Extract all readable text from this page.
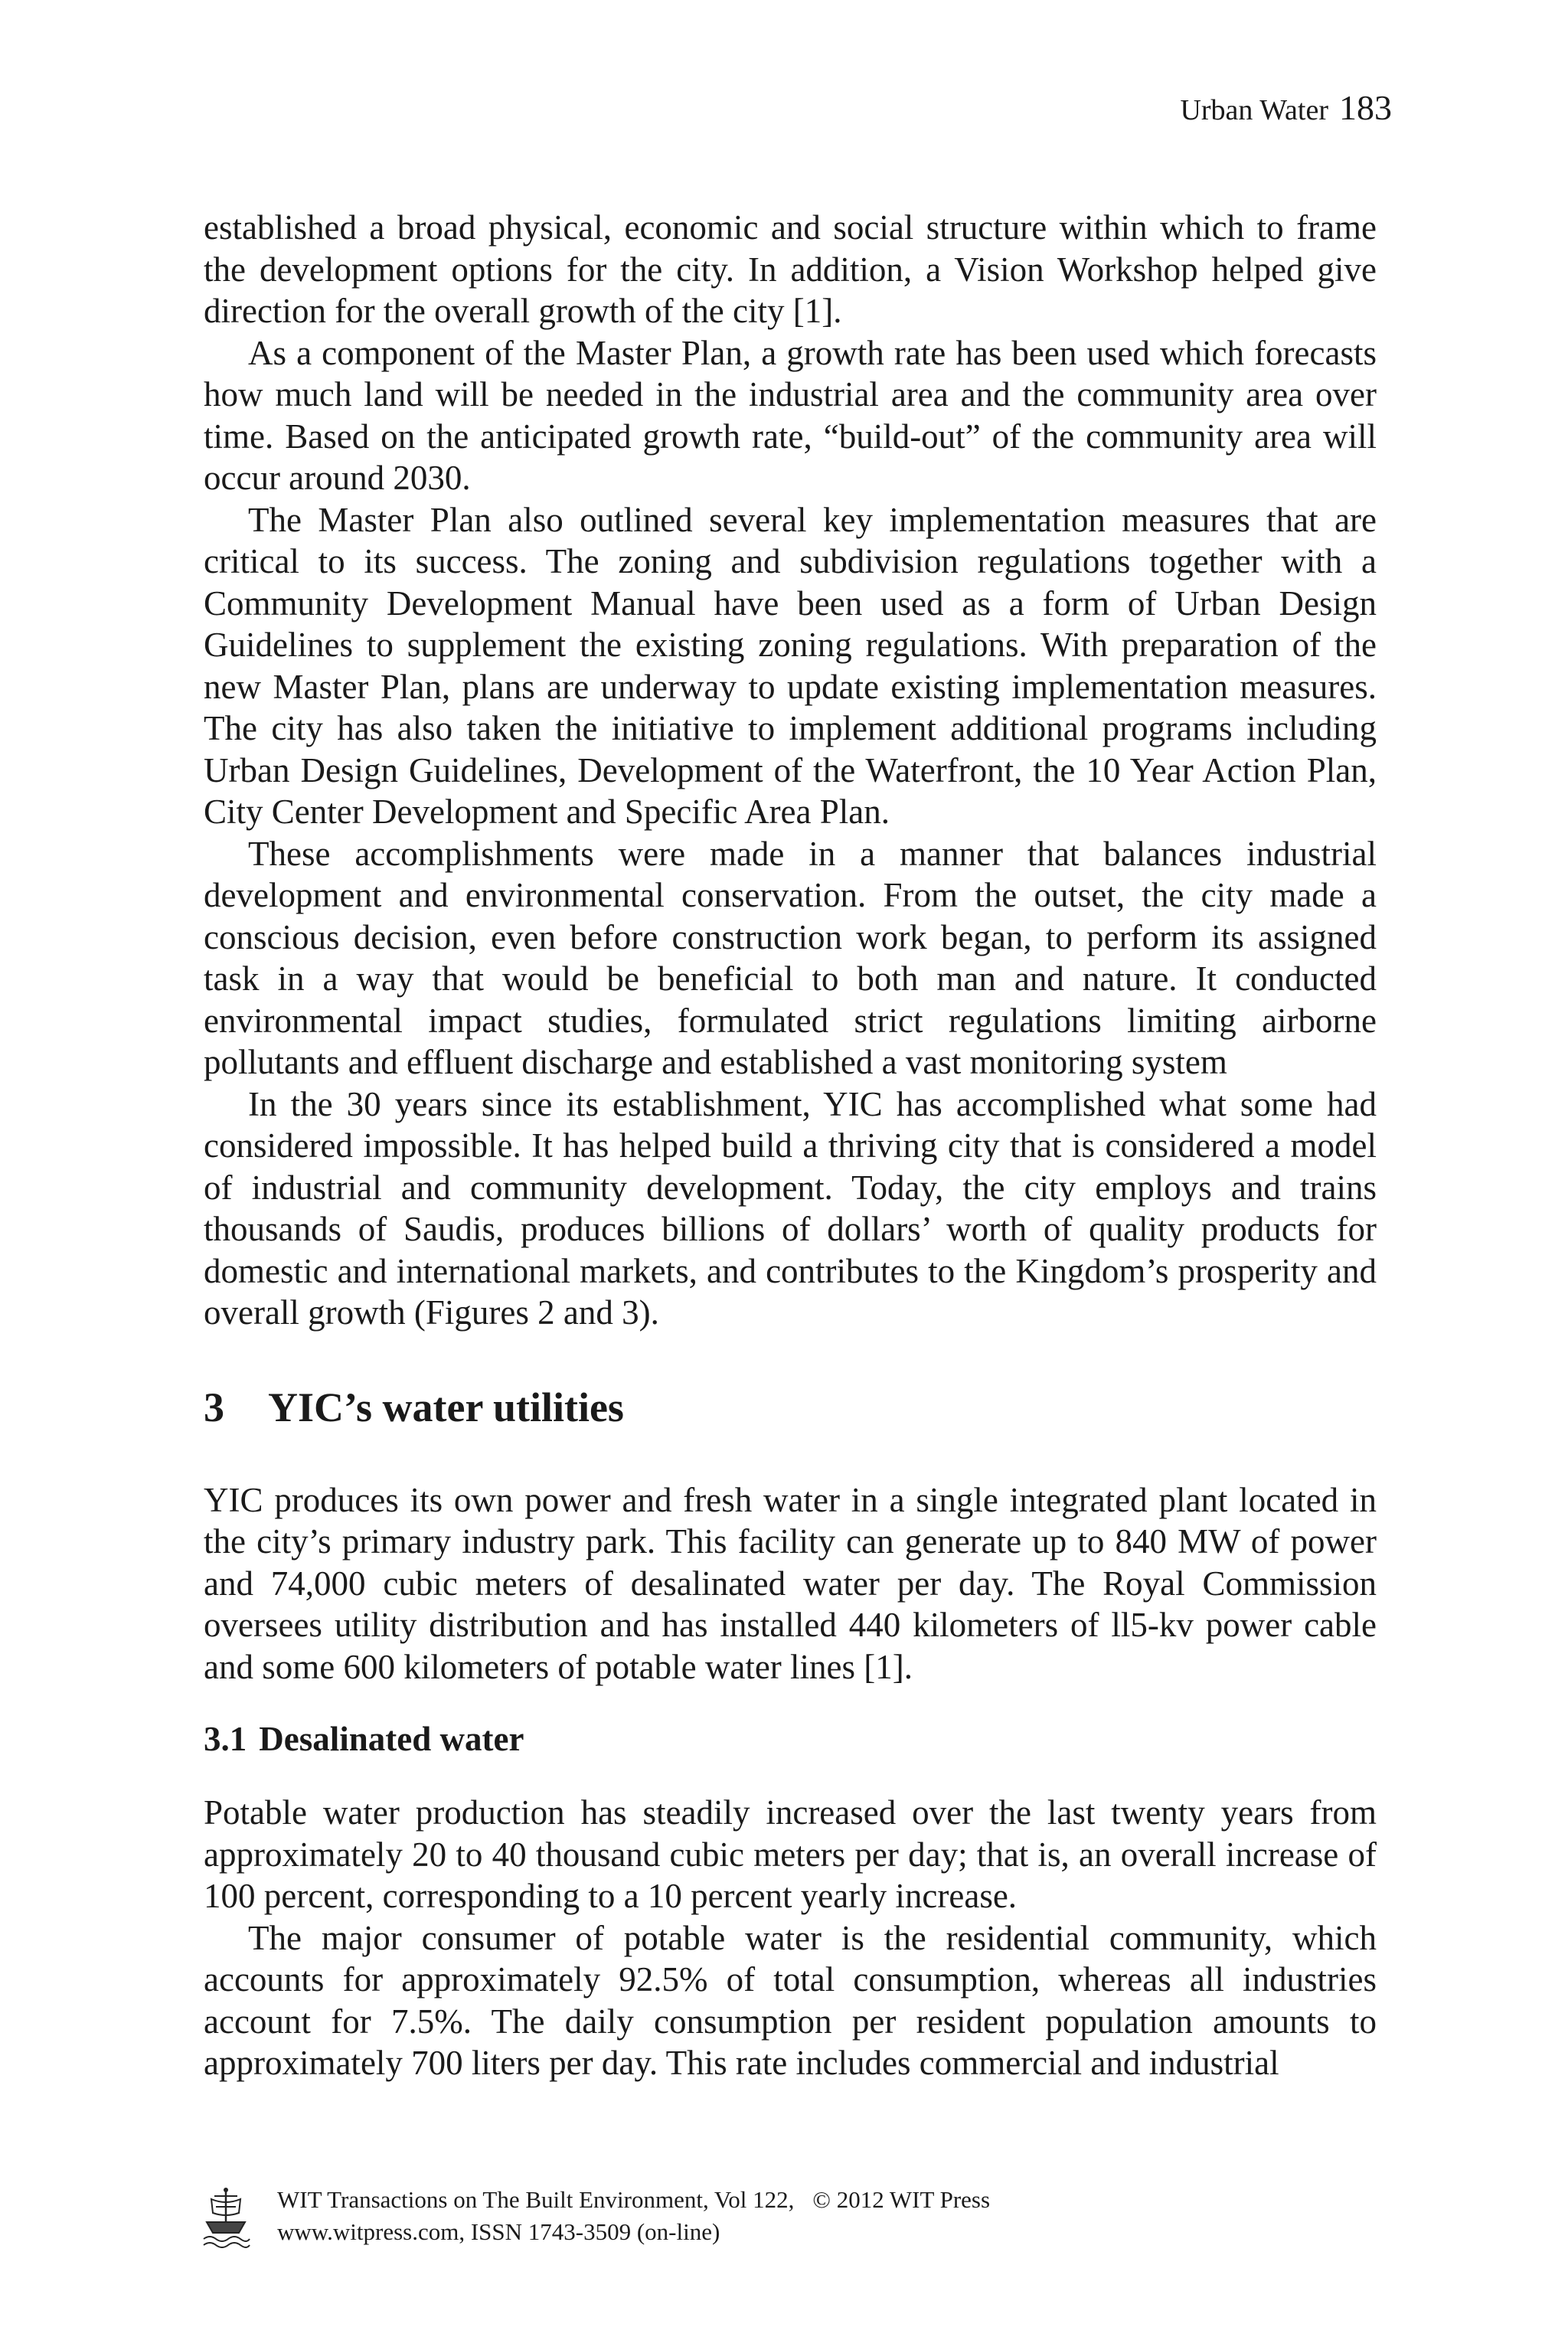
Urban Water 183

established a broad physical, economic and social structure within which to frame the development options for the city. In addition, a Vision Workshop helped give direction for the overall growth of the city [1].

As a component of the Master Plan, a growth rate has been used which forecasts how much land will be needed in the industrial area and the community area over time. Based on the anticipated growth rate, “build-out” of the community area will occur around 2030.

The Master Plan also outlined several key implementation measures that are critical to its success. The zoning and subdivision regulations together with a Community Development Manual have been used as a form of Urban Design Guidelines to supplement the existing zoning regulations. With preparation of the new Master Plan, plans are underway to update existing implementation measures. The city has also taken the initiative to implement additional programs including Urban Design Guidelines, Development of the Waterfront, the 10 Year Action Plan, City Center Development and Specific Area Plan.

These accomplishments were made in a manner that balances industrial development and environmental conservation. From the outset, the city made a conscious decision, even before construction work began, to perform its assigned task in a way that would be beneficial to both man and nature. It conducted environmental impact studies, formulated strict regulations limiting airborne pollutants and effluent discharge and established a vast monitoring system

In the 30 years since its establishment, YIC has accomplished what some had considered impossible. It has helped build a thriving city that is considered a model of industrial and community development. Today, the city employs and trains thousands of Saudis, produces billions of dollars’ worth of quality products for domestic and international markets, and contributes to the Kingdom’s prosperity and overall growth (Figures 2 and 3).

3 YIC’s water utilities

YIC produces its own power and fresh water in a single integrated plant located in the city’s primary industry park. This facility can generate up to 840 MW of power and 74,000 cubic meters of desalinated water per day. The Royal Commission oversees utility distribution and has installed 440 kilometers of ll5-kv power cable and some 600 kilometers of potable water lines [1].

3.1 Desalinated water

Potable water production has steadily increased over the last twenty years from approximately 20 to 40 thousand cubic meters per day; that is, an overall increase of 100 percent, corresponding to a 10 percent yearly increase.

The major consumer of potable water is the residential community, which accounts for approximately 92.5% of total consumption, whereas all industries account for 7.5%. The daily consumption per resident population amounts to approximately 700 liters per day. This rate includes commercial and industrial

WIT Transactions on The Built Environment, Vol 122, © 2012 WIT Press
www.witpress.com, ISSN 1743-3509 (on-line)
